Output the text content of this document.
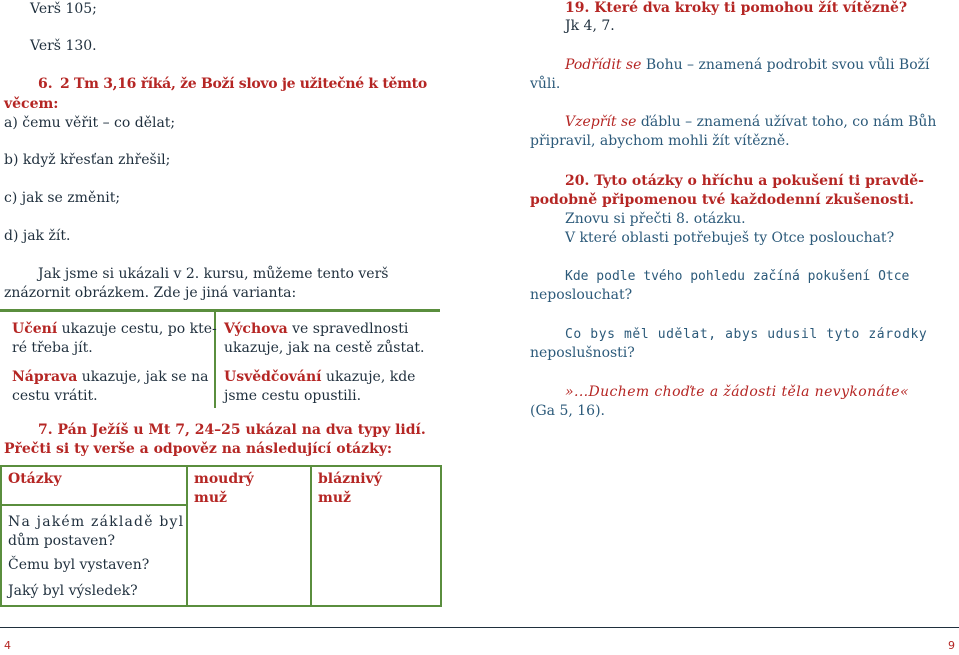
Verš 105;
Verš 130.
6. 2 Tm 3,16 říká, že Boží slovo je užitečné k těmto
věcem:
a) čemu věřit – co dělat;
b) když křesťan zhřešil;
c) jak se změnit;
d) jak žít.
Jak jsme si ukázali v 2. kursu, můžeme tento verš
znázornit obrázkem. Zde je jiná varianta:
Učení ukazuje cestu, po kte-
ré třeba jít.
Náprava ukazuje, jak se na
cestu vrátit.
Výchova ve spravedlnosti
ukazuje, jak na cestě zůstat.
Usvědčování ukazuje, kde
jsme cestu opustili.
7. Pán Ježíš u Mt 7, 24–25 ukázal na dva typy lidí.
Přečti si ty verše a odpověz na následující otázky:
Otázky	moudrý
muž
bláznivý
muž
Na jakém základě byl
dům postaven?
Čemu byl vystaven?
Jaký byl výsledek?
4
19. Které dva kroky ti pomohou žít vítězně?
Jk 4, 7.
Podřídit se Bohu – znamená podrobit svou vůli Boží
vůli.
Vzepřít se ďáblu – znamená užívat toho, co nám Bůh
připravil, abychom mohli žít vítězně.
20. Tyto otázky o hříchu a pokušení ti pravdě-
podobně připomenou tvé každodenní zkušenosti.
Znovu si přečti 8. otázku.
V které oblasti potřebuješ ty Otce poslouchat?
Kde podle tvého pohledu začíná pokušení Otce
neposlouchat?
Co bys měl udělat, abys udusil tyto zárodky
neposlušnosti?
»...Duchem choďte a žádosti těla nevykonáte«
(Ga 5, 16).
9
